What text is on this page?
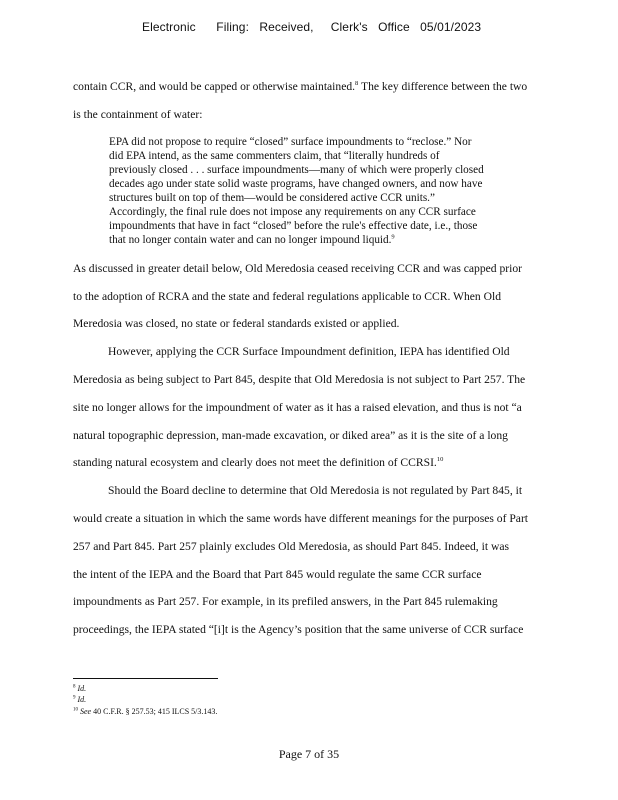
Electronic Filing: Received, Clerk's Office 05/01/2023
contain CCR, and would be capped or otherwise maintained.$^8$ The key difference between the two
is the containment of water:
EPA did not propose to require “closed” surface impoundments to “reclose.” Nor
did EPA intend, as the same commenters claim, that “literally hundreds of
previously closed . . . surface impoundments—many of which were properly closed
decades ago under state solid waste programs, have changed owners, and now have
structures built on top of them—would be considered active CCR units.”
Accordingly, the final rule does not impose any requirements on any CCR surface
impoundments that have in fact “closed” before the rule's effective date, i.e., those
that no longer contain water and can no longer impound liquid.$^9$
As discussed in greater detail below, Old Meredosia ceased receiving CCR and was capped prior
to the adoption of RCRA and the state and federal regulations applicable to CCR. When Old
Meredosia was closed, no state or federal standards existed or applied.
However, applying the CCR Surface Impoundment definition, IEPA has identified Old
Meredosia as being subject to Part 845, despite that Old Meredosia is not subject to Part 257. The
site no longer allows for the impoundment of water as it has a raised elevation, and thus is not “a
natural topographic depression, man-made excavation, or diked area” as it is the site of a long
standing natural ecosystem and clearly does not meet the definition of CCRSI.$^{10}$
Should the Board decline to determine that Old Meredosia is not regulated by Part 845, it
would create a situation in which the same words have different meanings for the purposes of Part
257 and Part 845. Part 257 plainly excludes Old Meredosia, as should Part 845. Indeed, it was
the intent of the IEPA and the Board that Part 845 would regulate the same CCR surface
impoundments as Part 257. For example, in its prefiled answers, in the Part 845 rulemaking
proceedings, the IEPA stated “[i]t is the Agency’s position that the same universe of CCR surface
$^8$ Id.
$^9$ Id.
$^{10}$ See 40 C.F.R. § 257.53; 415 ILCS 5/3.143.
Page 7 of 35
